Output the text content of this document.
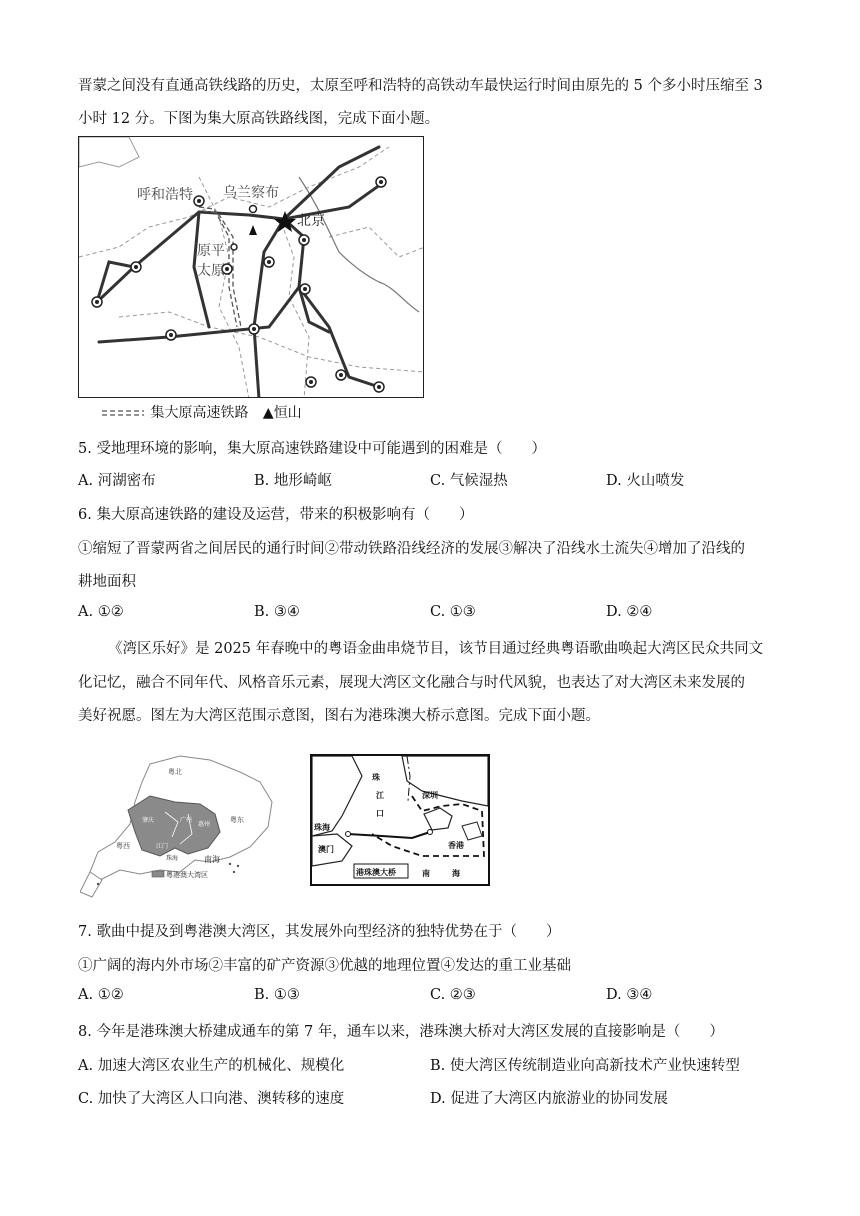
晋蒙之间没有直通高铁线路的历史，太原至呼和浩特的高铁动车最快运行时间由原先的 5 个多小时压缩至 3
小时 12 分。下图为集大原高铁路线图，完成下面小题。
呼和浩特 乌兰察布
北京
原平
太原
集大原高速铁路 ▲恒山
5. 受地理环境的影响，集大原高速铁路建设中可能遇到的困难是（　　）
A. 河湖密布	B. 地形崎岖	C. 气候湿热	D. 火山喷发
6. 集大原高速铁路的建设及运营，带来的积极影响有（　　）
①缩短了晋蒙两省之间居民的通行时间②带动铁路沿线经济的发展③解决了沿线水土流失④增加了沿线的
耕地面积
A. ①②	B. ③④	C. ①③	D. ②④
《湾区乐好》是 2025 年春晚中的粤语金曲串烧节目，该节目通过经典粤语歌曲唤起大湾区民众共同文
化记忆，融合不同年代、风格音乐元素，展现大湾区文化融合与时代风貌，也表达了对大湾区未来发展的
美好祝愿。图左为大湾区范围示意图，图右为港珠澳大桥示意图。完成下面小题。
粤北
粤西
粤东
广州
肇庆
惠州
江门
珠海	南海
粤港澳大湾区
珠
江
口
深圳
珠海
澳门	香港
港珠澳大桥	南	海
7. 歌曲中提及到粤港澳大湾区，其发展外向型经济的独特优势在于（　　）
①广阔的海内外市场②丰富的矿产资源③优越的地理位置④发达的重工业基础
A. ①②	B. ①③	C. ②③	D. ③④
8. 今年是港珠澳大桥建成通车的第 7 年，通车以来，港珠澳大桥对大湾区发展的直接影响是（　　）
A. 加速大湾区农业生产的机械化、规模化	B. 使大湾区传统制造业向高新技术产业快速转型
C. 加快了大湾区人口向港、澳转移的速度	D. 促进了大湾区内旅游业的协同发展
